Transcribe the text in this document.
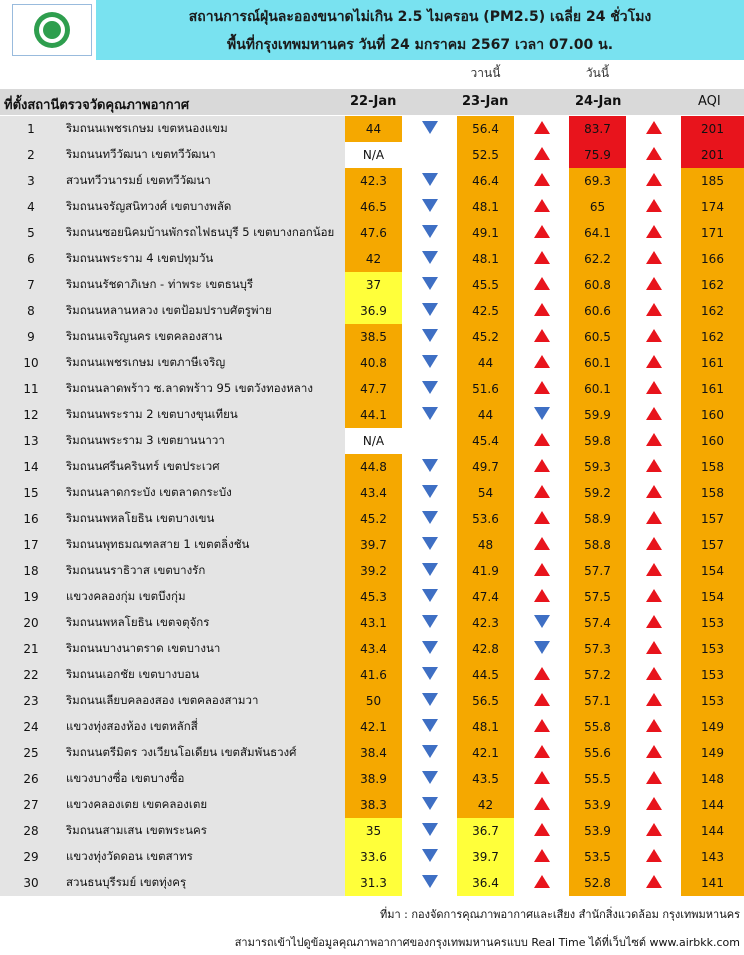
สถานการณ์ฝุ่นละอองขนาดไม่เกิน 2.5 ไมครอน (PM2.5) เฉลี่ย 24 ชั่วโมง
พื้นที่กรุงเทพมหานคร วันที่ 24 มกราคม 2567 เวลา 07.00 น.
วานนี้	วันนี้
ที่ตั้งสถานีตรวจวัดคุณภาพอากาศ	22-Jan	23-Jan	24-Jan	AQI
1	ริมถนนเพชรเกษม เขตหนองแขม	44		56.4		83.7		201
2	ริมถนนทวีวัฒนา เขตทวีวัฒนา	N/A		52.5		75.9		201
3	สวนทวีวนารมย์ เขตทวีวัฒนา	42.3		46.4		69.3		185
4	ริมถนนจรัญสนิทวงศ์ เขตบางพลัด	46.5		48.1		65		174
5	ริมถนนซอยนิคมบ้านพักรถไฟธนบุรี 5 เขตบางกอกน้อย	47.6		49.1		64.1		171
6	ริมถนนพระราม 4 เขตปทุมวัน	42		48.1		62.2		166
7	ริมถนนรัชดาภิเษก - ท่าพระ เขตธนบุรี	37		45.5		60.8		162
8	ริมถนนหลานหลวง เขตป้อมปราบศัตรูพ่าย	36.9		42.5		60.6		162
9	ริมถนนเจริญนคร เขตคลองสาน	38.5		45.2		60.5		162
10	ริมถนนเพชรเกษม เขตภาษีเจริญ	40.8		44		60.1		161
11	ริมถนนลาดพร้าว ซ.ลาดพร้าว 95 เขตวังทองหลาง	47.7		51.6		60.1		161
12	ริมถนนพระราม 2 เขตบางขุนเทียน	44.1		44		59.9		160
13	ริมถนนพระราม 3 เขตยานนาวา	N/A		45.4		59.8		160
14	ริมถนนศรีนครินทร์ เขตประเวศ	44.8		49.7		59.3		158
15	ริมถนนลาดกระบัง เขตลาดกระบัง	43.4		54		59.2		158
16	ริมถนนพหลโยธิน เขตบางเขน	45.2		53.6		58.9		157
17	ริมถนนพุทธมณฑลสาย 1 เขตตลิ่งชัน	39.7		48		58.8		157
18	ริมถนนนราธิวาส เขตบางรัก	39.2		41.9		57.7		154
19	แขวงคลองกุ่ม เขตบึงกุ่ม	45.3		47.4		57.5		154
20	ริมถนนพหลโยธิน เขตจตุจักร	43.1		42.3		57.4		153
21	ริมถนนบางนาตราด เขตบางนา	43.4		42.8		57.3		153
22	ริมถนนเอกชัย เขตบางบอน	41.6		44.5		57.2		153
23	ริมถนนเลียบคลองสอง เขตคลองสามวา	50		56.5		57.1		153
24	แขวงทุ่งสองห้อง เขตหลักสี่	42.1		48.1		55.8		149
25	ริมถนนตรีมิตร วงเวียนโอเดียน เขตสัมพันธวงศ์	38.4		42.1		55.6		149
26	แขวงบางซื่อ เขตบางซื่อ	38.9		43.5		55.5		148
27	แขวงคลองเตย เขตคลองเตย	38.3		42		53.9		144
28	ริมถนนสามเสน เขตพระนคร	35		36.7		53.9		144
29	แขวงทุ่งวัดดอน เขตสาทร	33.6		39.7		53.5		143
30	สวนธนบุรีรมย์ เขตทุ่งครุ	31.3		36.4		52.8		141
ที่มา : กองจัดการคุณภาพอากาศและเสียง สำนักสิ่งแวดล้อม กรุงเทพมหานคร
สามารถเข้าไปดูข้อมูลคุณภาพอากาศของกรุงเทพมหานครแบบ Real Time ได้ที่เว็บไซต์ www.airbkk.com
